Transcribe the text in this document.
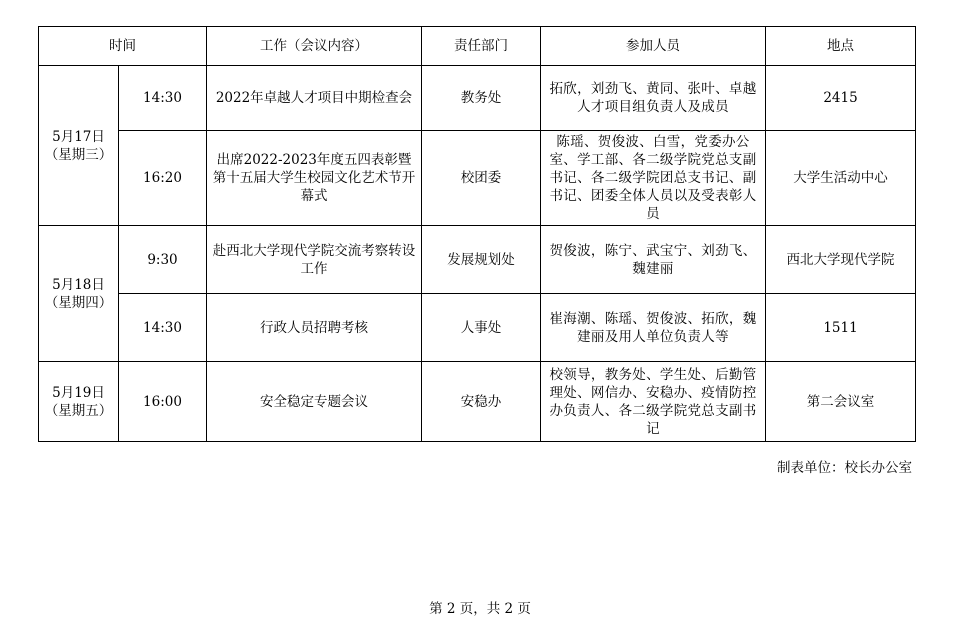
时间		工作（会议内容）	责任部门	参加人员	地点

5月17日
（星期三）	14:30	2022年卓越人才项目中期检查会	教务处	拓欣，刘劲飞、黄同、张叶、卓越人才项目组负责人及成员	2415
	16:20	出席2022-2023年度五四表彰暨第十五届大学生校园文化艺术节开幕式	校团委	陈瑶、贺俊波、白雪，党委办公室、学工部、各二级学院党总支副书记、各二级学院团总支书记、副书记、团委全体人员以及受表彰人员	大学生活动中心

5月18日
（星期四）	9:30	赴西北大学现代学院交流考察转设工作	发展规划处	贺俊波，陈宁、武宝宁、刘劲飞、魏建丽	西北大学现代学院
	14:30	行政人员招聘考核	人事处	崔海潮、陈瑶、贺俊波、拓欣，魏建丽及用人单位负责人等	1511

5月19日
（星期五）	16:00	安全稳定专题会议	安稳办	校领导，教务处、学生处、后勤管理处、网信办、安稳办、疫情防控办负责人、各二级学院党总支副书记	第二会议室
制表单位：校长办公室
第 2 页，共 2 页
